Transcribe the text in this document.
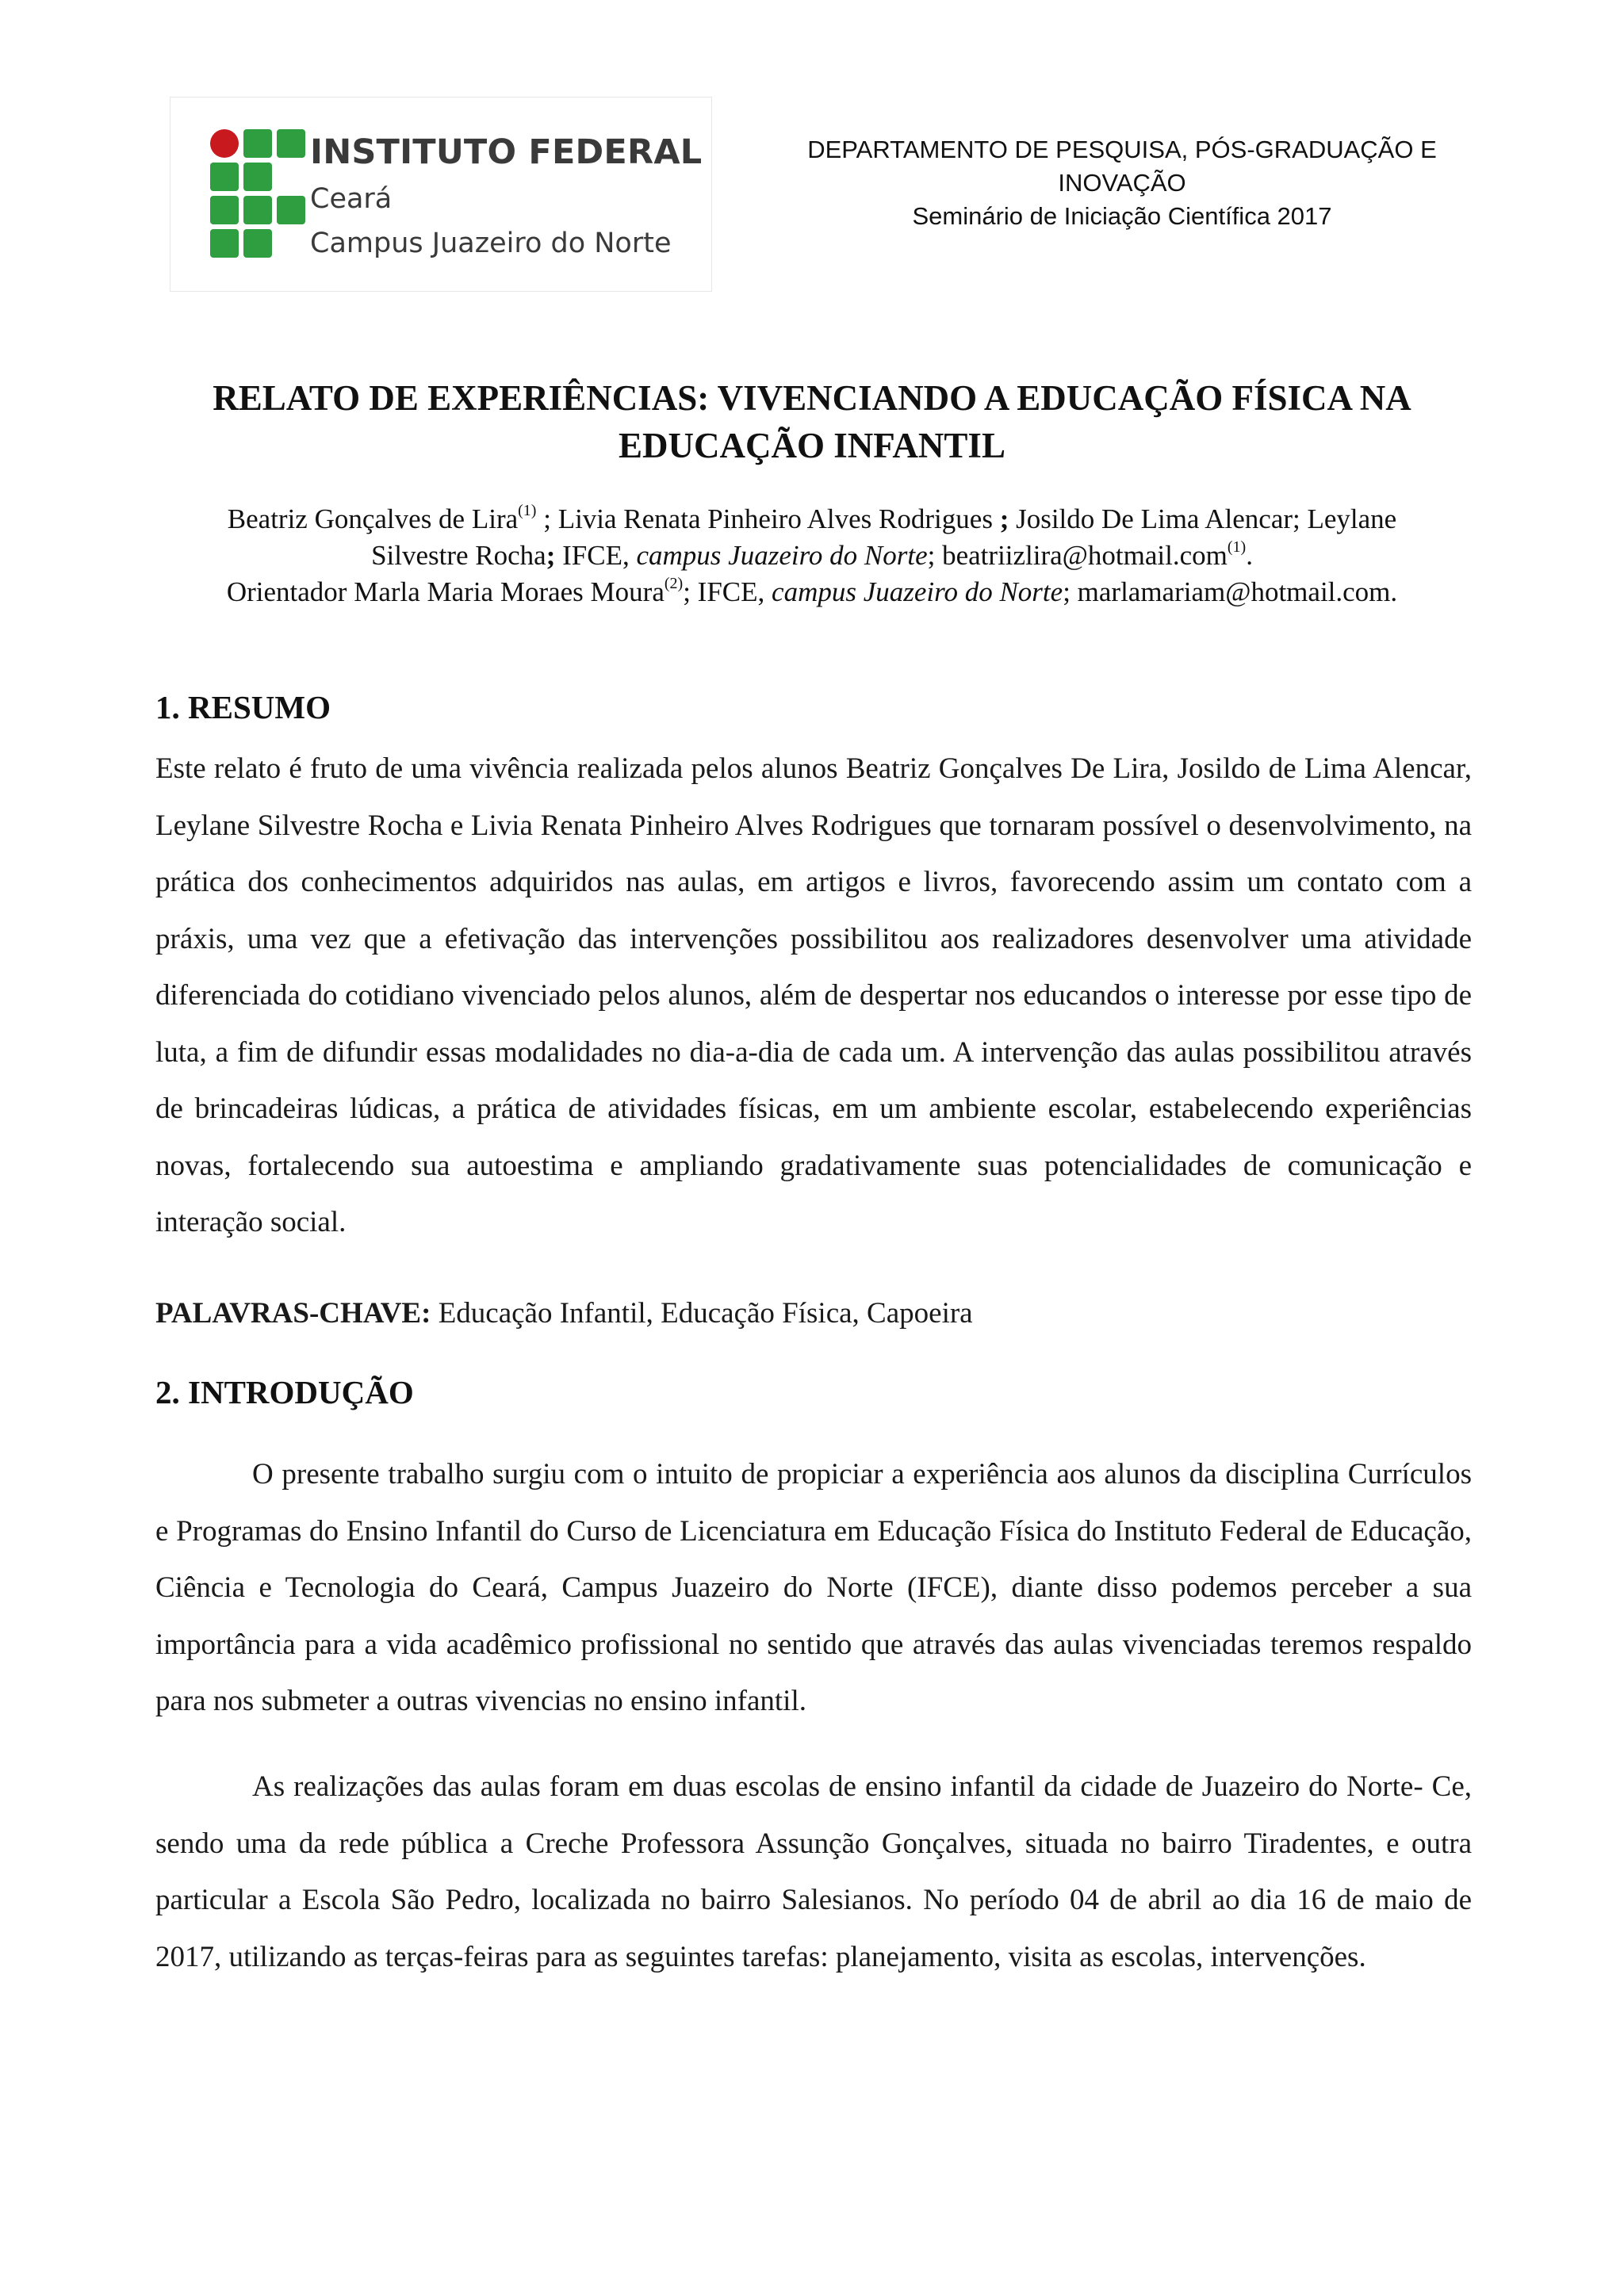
INSTITUTO FEDERAL
Ceará
Campus Juazeiro do Norte
DEPARTAMENTO DE PESQUISA, PÓS-GRADUAÇÃO E
INOVAÇÃO
Seminário de Iniciação Científica 2017
RELATO DE EXPERIÊNCIAS: VIVENCIANDO A EDUCAÇÃO FÍSICA NA
EDUCAÇÃO INFANTIL
Beatriz Gonçalves de Lira$^{(1)}$ ; Livia Renata Pinheiro Alves Rodrigues ; Josildo De Lima Alencar; Leylane
Silvestre Rocha; IFCE, campus Juazeiro do Norte; beatriizlira@hotmail.com$^{(1)}$.
Orientador Marla Maria Moraes Moura$^{(2)}$; IFCE, campus Juazeiro do Norte; marlamariam@hotmail.com.
1. RESUMO
Este relato é fruto de uma vivência realizada pelos alunos Beatriz Gonçalves De Lira, Josildo de Lima Alencar, Leylane Silvestre Rocha e Livia Renata Pinheiro Alves Rodrigues que tornaram possível o desenvolvimento, na prática dos conhecimentos adquiridos nas aulas, em artigos e livros, favorecendo assim um contato com a práxis, uma vez que a efetivação das intervenções possibilitou aos realizadores desenvolver uma atividade diferenciada do cotidiano vivenciado pelos alunos, além de despertar nos educandos o interesse por esse tipo de luta, a fim de difundir essas modalidades no dia-a-dia de cada um. A intervenção das aulas possibilitou através de brincadeiras lúdicas, a prática de atividades físicas, em um ambiente escolar, estabelecendo experiências novas, fortalecendo sua autoestima e ampliando gradativamente suas potencialidades de comunicação e interação social.
PALAVRAS-CHAVE: Educação Infantil, Educação Física, Capoeira
2. INTRODUÇÃO
O presente trabalho surgiu com o intuito de propiciar a experiência aos alunos da disciplina Currículos e Programas do Ensino Infantil do Curso de Licenciatura em Educação Física do Instituto Federal de Educação, Ciência e Tecnologia do Ceará, Campus Juazeiro do Norte (IFCE), diante disso podemos perceber a sua importância para a vida acadêmico profissional no sentido que através das aulas vivenciadas teremos respaldo para nos submeter a outras vivencias no ensino infantil.
As realizações das aulas foram em duas escolas de ensino infantil da cidade de Juazeiro do Norte- Ce, sendo uma da rede pública a Creche Professora Assunção Gonçalves, situada no bairro Tiradentes, e outra particular a Escola São Pedro, localizada no bairro Salesianos. No período 04 de abril ao dia 16 de maio de 2017, utilizando as terças-feiras para as seguintes tarefas: planejamento, visita as escolas, intervenções.
